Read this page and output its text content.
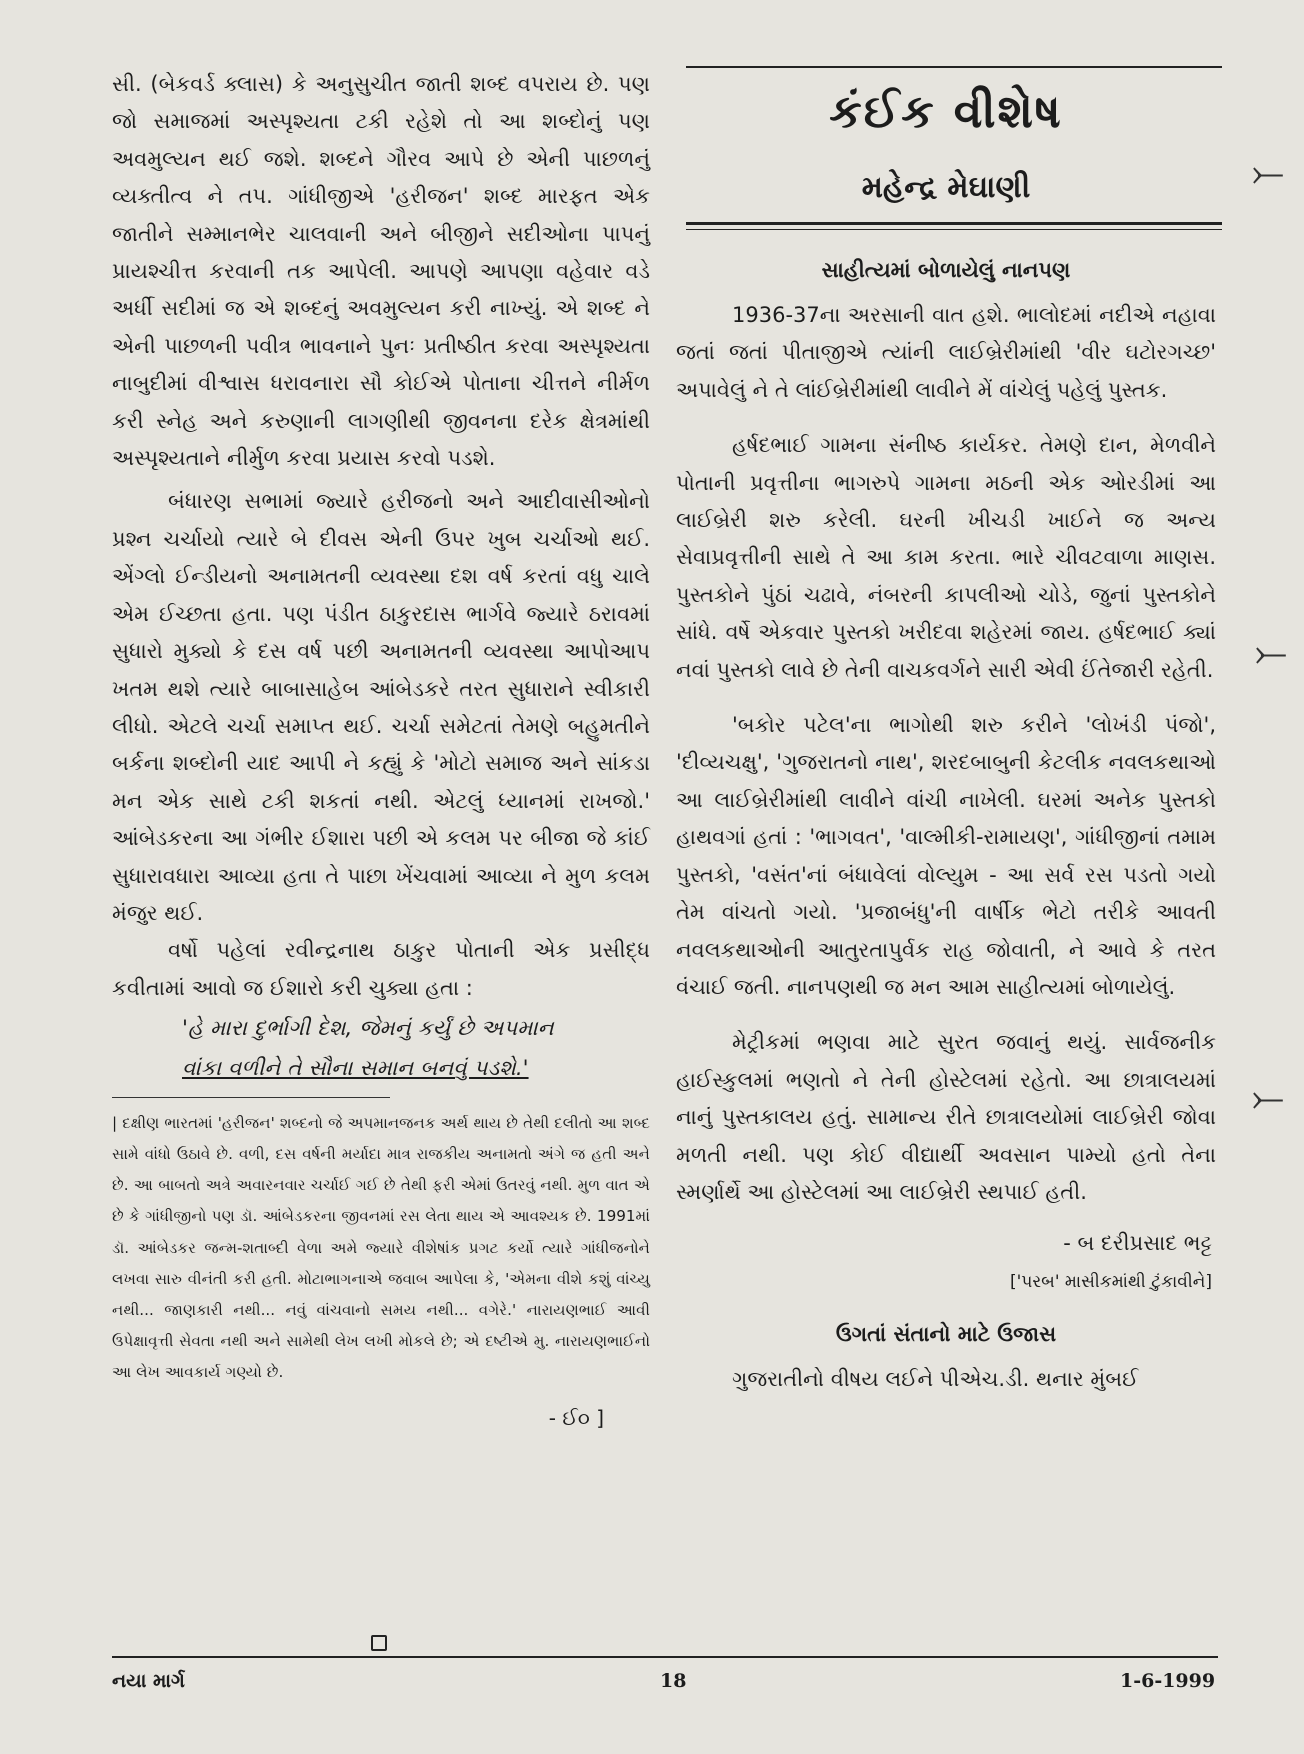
સી. (બેકવર્ડ ક્લાસ) કે અનુસુચીત જાતી શબ્દ વપરાય છે. પણ જો સમાજમાં અસ્પૃશ્યતા ટકી રહેશે તો આ શબ્દોનું પણ અવમુલ્યન થઈ જશે. શબ્દને ગૌરવ આપે છે એની પાછળનું વ્યક્તીત્વ ને તપ. ગાંધીજીએ 'હરીજન' શબ્દ મારફત એક જાતીને સમ્માનભેર ચાલવાની અને બીજીને સદીઓના પાપનું પ્રાયશ્ચીત્ત કરવાની તક આપેલી. આપણે આપણા વહેવાર વડે અર્ધી સદીમાં જ એ શબ્દનું અવમુલ્યન કરી નાખ્યું. એ શબ્દ ને એની પાછળની પવીત્ર ભાવનાને પુનઃ પ્રતીષ્ઠીત કરવા અસ્પૃશ્યતા નાબુદીમાં વીશ્વાસ ધરાવનારા સૌ કોઈએ પોતાના ચીત્તને નીર્મળ કરી સ્નેહ અને કરુણાની લાગણીથી જીવનના દરેક ક્ષેત્રમાંથી અસ્પૃશ્યતાને નીર્મુળ કરવા પ્રયાસ કરવો પડશે.

બંધારણ સભામાં જ્યારે હરીજનો અને આદીવાસીઓનો પ્રશ્ન ચર્ચાયો ત્યારે બે દીવસ એની ઉપર ખુબ ચર્ચાઓ થઈ. એંગ્લો ઈન્ડીયનો અનામતની વ્યવસ્થા દશ વર્ષ કરતાં વધુ ચાલે એમ ઈચ્છતા હતા. પણ પંડીત ઠાકુરદાસ ભાર્ગવે જ્યારે ઠરાવમાં સુધારો મુક્યો કે દસ વર્ષ પછી અનામતની વ્યવસ્થા આપોઆપ ખતમ થશે ત્યારે બાબાસાહેબ આંબેડકરે તરત સુધારાને સ્વીકારી લીધો. એટલે ચર્ચા સમાપ્ત થઈ. ચર્ચા સમેટતાં તેમણે બહુમતીને બર્કના શબ્દોની યાદ આપી ને કહ્યું કે 'મોટો સમાજ અને સાંકડા મન એક સાથે ટકી શકતાં નથી. એટલું ધ્યાનમાં રાખજો.' આંબેડકરના આ ગંભીર ઈશારા પછી એ કલમ પર બીજા જે કાંઈ સુધારાવધારા આવ્યા હતા તે પાછા ખેંચવામાં આવ્યા ને મુળ કલમ મંજુર થઈ.

વર્ષો પહેલાં રવીન્દ્રનાથ ઠાકુર પોતાની એક પ્રસીદ્ધ કવીતામાં આવો જ ઈશારો કરી ચુક્યા હતા :

'હે મારા દુર્ભાગી દેશ, જેમનું કર્યું છે અપમાન
વાંકા વળીને તે સૌના સમાન બનવું પડશે.'

| દક્ષીણ ભારતમાં 'હરીજન' શબ્દનો જે અપમાનજનક અર્થ થાય છે તેથી દલીતો આ શબ્દ સામે વાંધો ઉઠાવે છે. વળી, દસ વર્ષની મર્યાદા માત્ર રાજકીય અનામતો અંગે જ હતી અને છે. આ બાબતો અત્રે અવારનવાર ચર્ચાઈ ગઈ છે તેથી ફરી એમાં ઉતરવું નથી. મુળ વાત એ છે કે ગાંધીજીનો પણ ડૉ. આંબેડકરના જીવનમાં રસ લેતા થાય એ આવશ્યક છે. 1991માં ડૉ. આંબેડકર જન્મ-શતાબ્દી વેળા અમે જ્યારે વીશેષાંક પ્રગટ કર્યો ત્યારે ગાંધીજનોને લખવા સારુ વીનંતી કરી હતી. મોટાભાગનાએ જવાબ આપેલા કે, 'એમના વીશે કશું વાંચ્યુ નથી... જાણકારી નથી... નવું વાંચવાનો સમય નથી... વગેરે.' નારાયણભાઈ આવી ઉપેક્ષાવૃત્તી સેવતા નથી અને સામેથી લેખ લખી મોકલે છે; એ દષ્ટીએ મુ. નારાયણભાઈનો આ લેખ આવકાર્ય ગણ્યો છે.

- ઈ૦ ]

કંઈક વીશેષ
મહેન્દ્ર મેઘાણી
સાહીત્યમાં બોળાયેલું નાનપણ

1936-37ના અરસાની વાત હશે. ભાલોદમાં નદીએ નહાવા જતાં જતાં પીતાજીએ ત્યાંની લાઈબ્રેરીમાંથી 'વીર ઘટોરગચ્છ' અપાવેલું ને તે લાંઈબ્રેરીમાંથી લાવીને મેં વાંચેલું પહેલું પુસ્તક.

હર્ષદભાઈ ગામના સંનીષ્ઠ કાર્યકર. તેમણે દાન, મેળવીને પોતાની પ્રવૃત્તીના ભાગરુપે ગામના મઠની એક ઓરડીમાં આ લાઈબ્રેરી શરુ કરેલી. ઘરની ખીચડી ખાઈને જ અન્ય સેવાપ્રવૃત્તીની સાથે તે આ કામ કરતા. ભારે ચીવટવાળા માણસ. પુસ્તકોને પુંઠાં ચઢાવે, નંબરની કાપલીઓ ચોડે, જુનાં પુસ્તકોને સાંધે. વર્ષે એકવાર પુસ્તકો ખરીદવા શહેરમાં જાય. હર્ષદભાઈ ક્યાં નવાં પુસ્તકો લાવે છે તેની વાચકવર્ગને સારી એવી ઈંતેજારી રહેતી.

'બકોર પટેલ'ના ભાગોથી શરુ કરીને 'લોખંડી પંજો', 'દીવ્યચક્ષુ', 'ગુજરાતનો નાથ', શરદબાબુની કેટલીક નવલકથાઓ આ લાઈબ્રેરીમાંથી લાવીને વાંચી નાખેલી. ઘરમાં અનેક પુસ્તકો હાથવગાં હતાં : 'ભાગવત', 'વાલ્મીકી-રામાયણ', ગાંધીજીનાં તમામ પુસ્તકો, 'વસંત'નાં બંધાવેલાં વોલ્યુમ - આ સર્વ રસ પડતો ગયો તેમ વાંચતો ગયો. 'પ્રજાબંધુ'ની વાર્ષીક ભેટો તરીકે આવતી નવલકથાઓની આતુરતાપુર્વક રાહ જોવાતી, ને આવે કે તરત વંચાઈ જતી. નાનપણથી જ મન આમ સાહીત્યમાં બોળાયેલું.

મેટ્રીકમાં ભણવા માટે સુરત જવાનું થયું. સાર્વજનીક હાઈસ્કુલમાં ભણતો ને તેની હોસ્ટેલમાં રહેતો. આ છાત્રાલયમાં નાનું પુસ્તકાલય હતું. સામાન્ય રીતે છાત્રાલયોમાં લાઈબ્રેરી જોવા મળતી નથી. પણ કોઈ વીદ્યાર્થી અવસાન પામ્યો હતો તેના સ્મર્ણાર્થે આ હોસ્ટેલમાં આ લાઈબ્રેરી સ્થપાઈ હતી.

- બ દરીપ્રસાદ ભટ્ટ

['પરબ' માસીકમાંથી ટુંકાવીને]

ઉગતાં સંતાનો માટે ઉજાસ

ગુજરાતીનો વીષય લઈને પીએચ.ડી. થનાર મુંબઈ

નયા માર્ગ	18	1-6-1999
⤚
⤚
⤚
